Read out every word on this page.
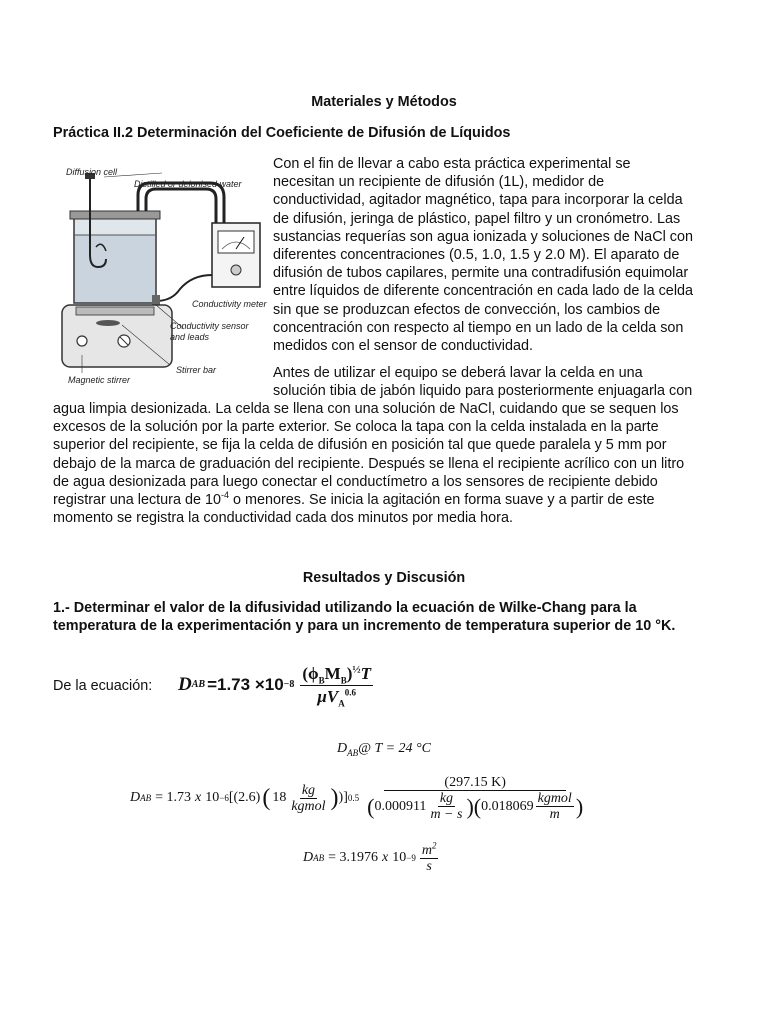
Materiales y Métodos
Práctica II.2 Determinación del Coeficiente de Difusión de Líquidos
Diffusion cell
Distilled or deionised water
Conductivity meter
Conductivity sensor
and leads
Stirrer bar
Magnetic stirrer
Con el fin de llevar a cabo esta práctica experimental se
necesitan un recipiente de difusión (1L), medidor de
conductividad, agitador magnético, tapa para incorporar la celda
de difusión, jeringa de plástico, papel filtro y un cronómetro. Las
sustancias requerías son agua ionizada y soluciones de NaCl con
diferentes concentraciones (0.5, 1.0, 1.5 y 2.0 M). El aparato de
difusión de tubos capilares, permite una contradifusión equimolar
entre líquidos de diferente concentración en cada lado de la celda
sin que se produzcan efectos de convección, los cambios de
concentración con respecto al tiempo en un lado de la celda son
medidos con el sensor de conductividad.
Antes de utilizar el equipo se deberá lavar la celda en una
solución tibia de jabón liquido para posteriormente enjuagarla con
agua limpia desionizada. La celda se llena con una solución de NaCl, cuidando que se sequen los
excesos de la solución por la parte exterior. Se coloca la tapa con la celda instalada en la parte
superior del recipiente, se fija la celda de difusión en posición tal que quede paralela y 5 mm por
debajo de la marca de graduación del recipiente. Después se llena el recipiente acrílico con un litro
de agua desionizada para luego conectar el conductímetro a los sensores de recipiente debido
registrar una lectura de $10^{-4}$ o menores. Se inicia la agitación en forma suave y a partir de este
momento se registra la conductividad cada dos minutos por media hora.
Resultados y Discusión
1.- Determinar el valor de la difusividad utilizando la ecuación de Wilke-Chang para la
temperatura de la experimentación y para un incremento de temperatura superior de 10 °K.
De la ecuación: D AB $=1.73 \times 10 -8 \frac{(\phi_BM_B)^{\frac{1}{2}}T}{\mu V_A^{0.6}}$
$D_{AB}@$ T = 24 °C
D AB = 1.73 x 10 −6 [(2.6) ( $18 \frac{kg}{\text{kgmol}}$ ) )] 0.5
(297.15 K)
( $0.000911 \frac{kg}{m - s}$ ) ( $0.018069 \frac{\text{kgmol}}{m}$ )
D AB = 3.1976 x $10 -9 \frac{m^2}{s}$
